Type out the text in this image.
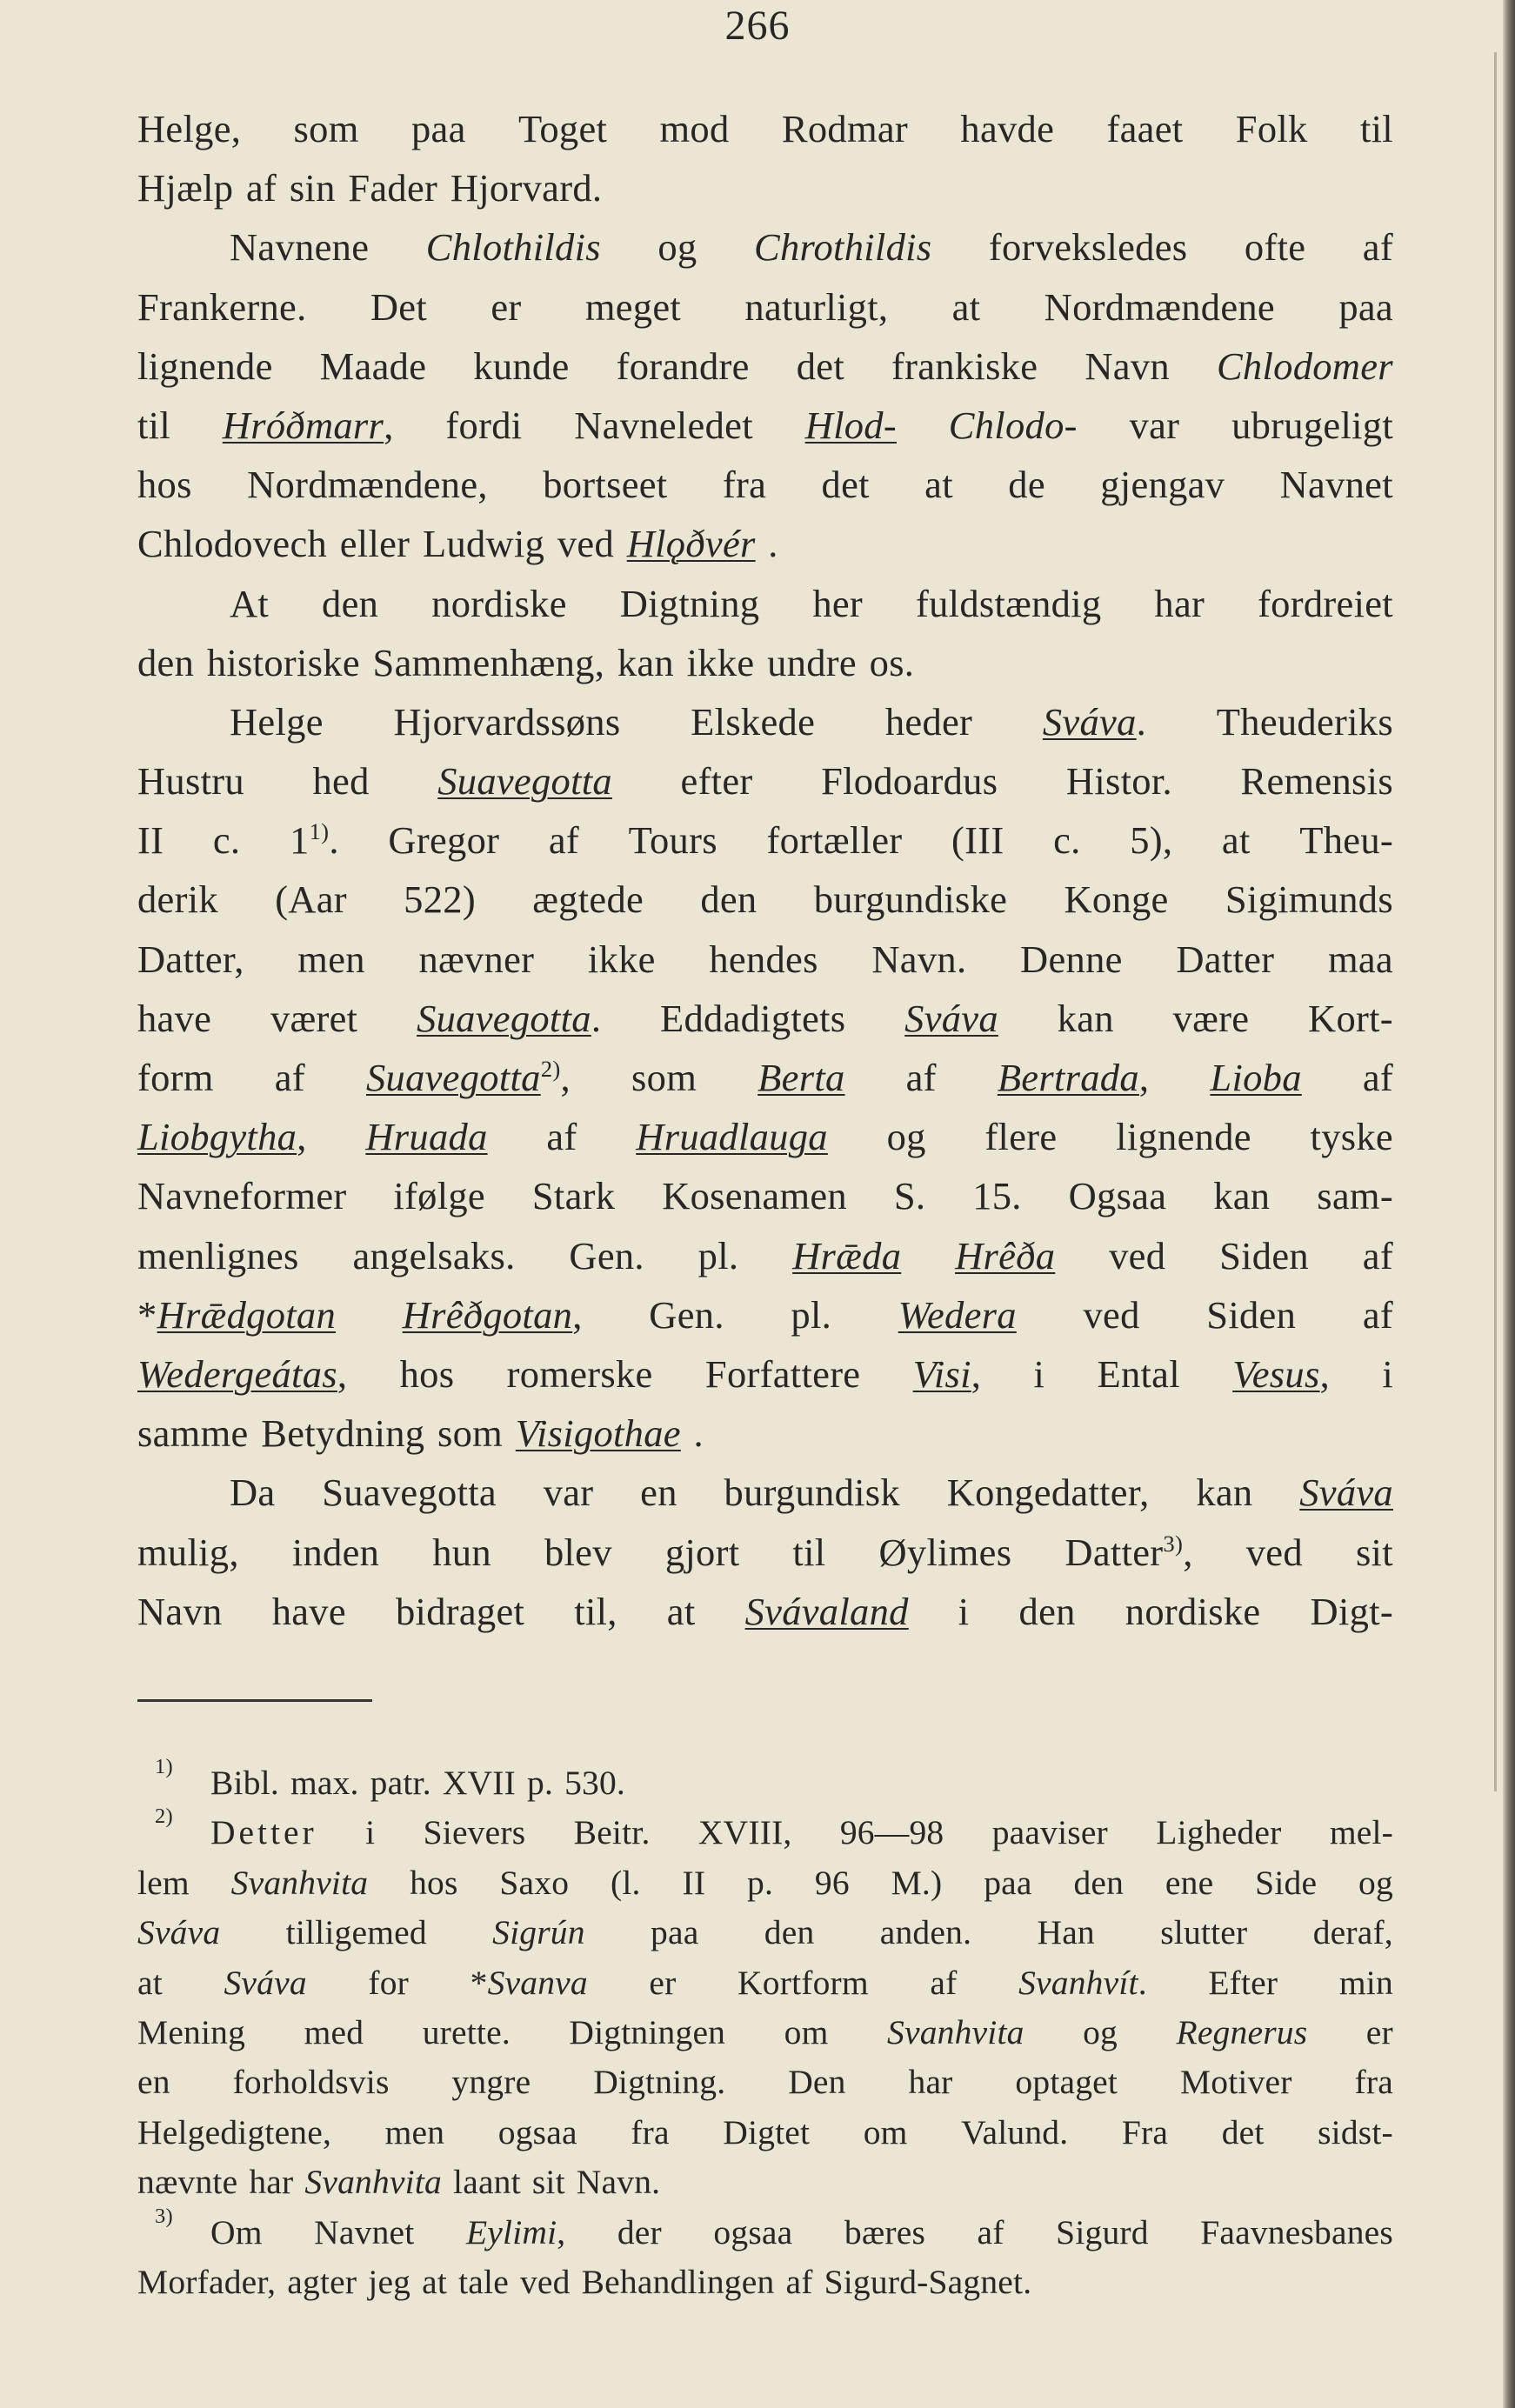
266
Helge, som paa Toget mod Rodmar havde faaet Folk til
Hjælp af sin Fader Hjorvard.
Navnene Chlothildis og Chrothildis forveksledes ofte af
Frankerne. Det er meget naturligt, at Nordmændene paa
lignende Maade kunde forandre det frankiske Navn Chlodomer
til Hróðmarr, fordi Navneledet Hlod- Chlodo- var ubrugeligt
hos Nordmændene, bortseet fra det at de gjengav Navnet
Chlodovech eller Ludwig ved Hlǫðvér .
At den nordiske Digtning her fuldstændig har fordreiet
den historiske Sammenhæng, kan ikke undre os.
Helge Hjorvardssøns Elskede heder Sváva. Theuderiks
Hustru hed Suavegotta efter Flodoardus Histor. Remensis
II c. 1$^{1)}$. Gregor af Tours fortæller (III c. 5), at Theu-
derik (Aar 522) ægtede den burgundiske Konge Sigimunds
Datter, men nævner ikke hendes Navn. Denne Datter maa
have været Suavegotta. Eddadigtets Sváva kan være Kort-
form af Suavegotta$^{2)}$, som Berta af Bertrada, Lioba af
Liobgytha, Hruada af Hruadlauga og flere lignende tyske
Navneformer ifølge Stark Kosenamen S. 15. Ogsaa kan sam-
menlignes angelsaks. Gen. pl. Hrǣda Hrêða ved Siden af
*Hrǣdgotan Hrêðgotan, Gen. pl. Wedera ved Siden af
Wedergeátas, hos romerske Forfattere Visi, i Ental Vesus, i
samme Betydning som Visigothae .
Da Suavegotta var en burgundisk Kongedatter, kan Sváva
mulig, inden hun blev gjort til Øylimes Datter$^{3)}$, ved sit
Navn have bidraget til, at Svávaland i den nordiske Digt-
1) Bibl. max. patr. XVII p. 530.
2) Detter i Sievers Beitr. XVIII, 96—98 paaviser Ligheder mel-
lem Svanhvita hos Saxo (l. II p. 96 M.) paa den ene Side og
Sváva tilligemed Sigrún paa den anden. Han slutter deraf,
at Sváva for *Svanva er Kortform af Svanhvít. Efter min
Mening med urette. Digtningen om Svanhvita og Regnerus er
en forholdsvis yngre Digtning. Den har optaget Motiver fra
Helgedigtene, men ogsaa fra Digtet om Valund. Fra det sidst-
nævnte har Svanhvita laant sit Navn.
3) Om Navnet Eylimi, der ogsaa bæres af Sigurd Faavnesbanes
Morfader, agter jeg at tale ved Behandlingen af Sigurd-Sagnet.
